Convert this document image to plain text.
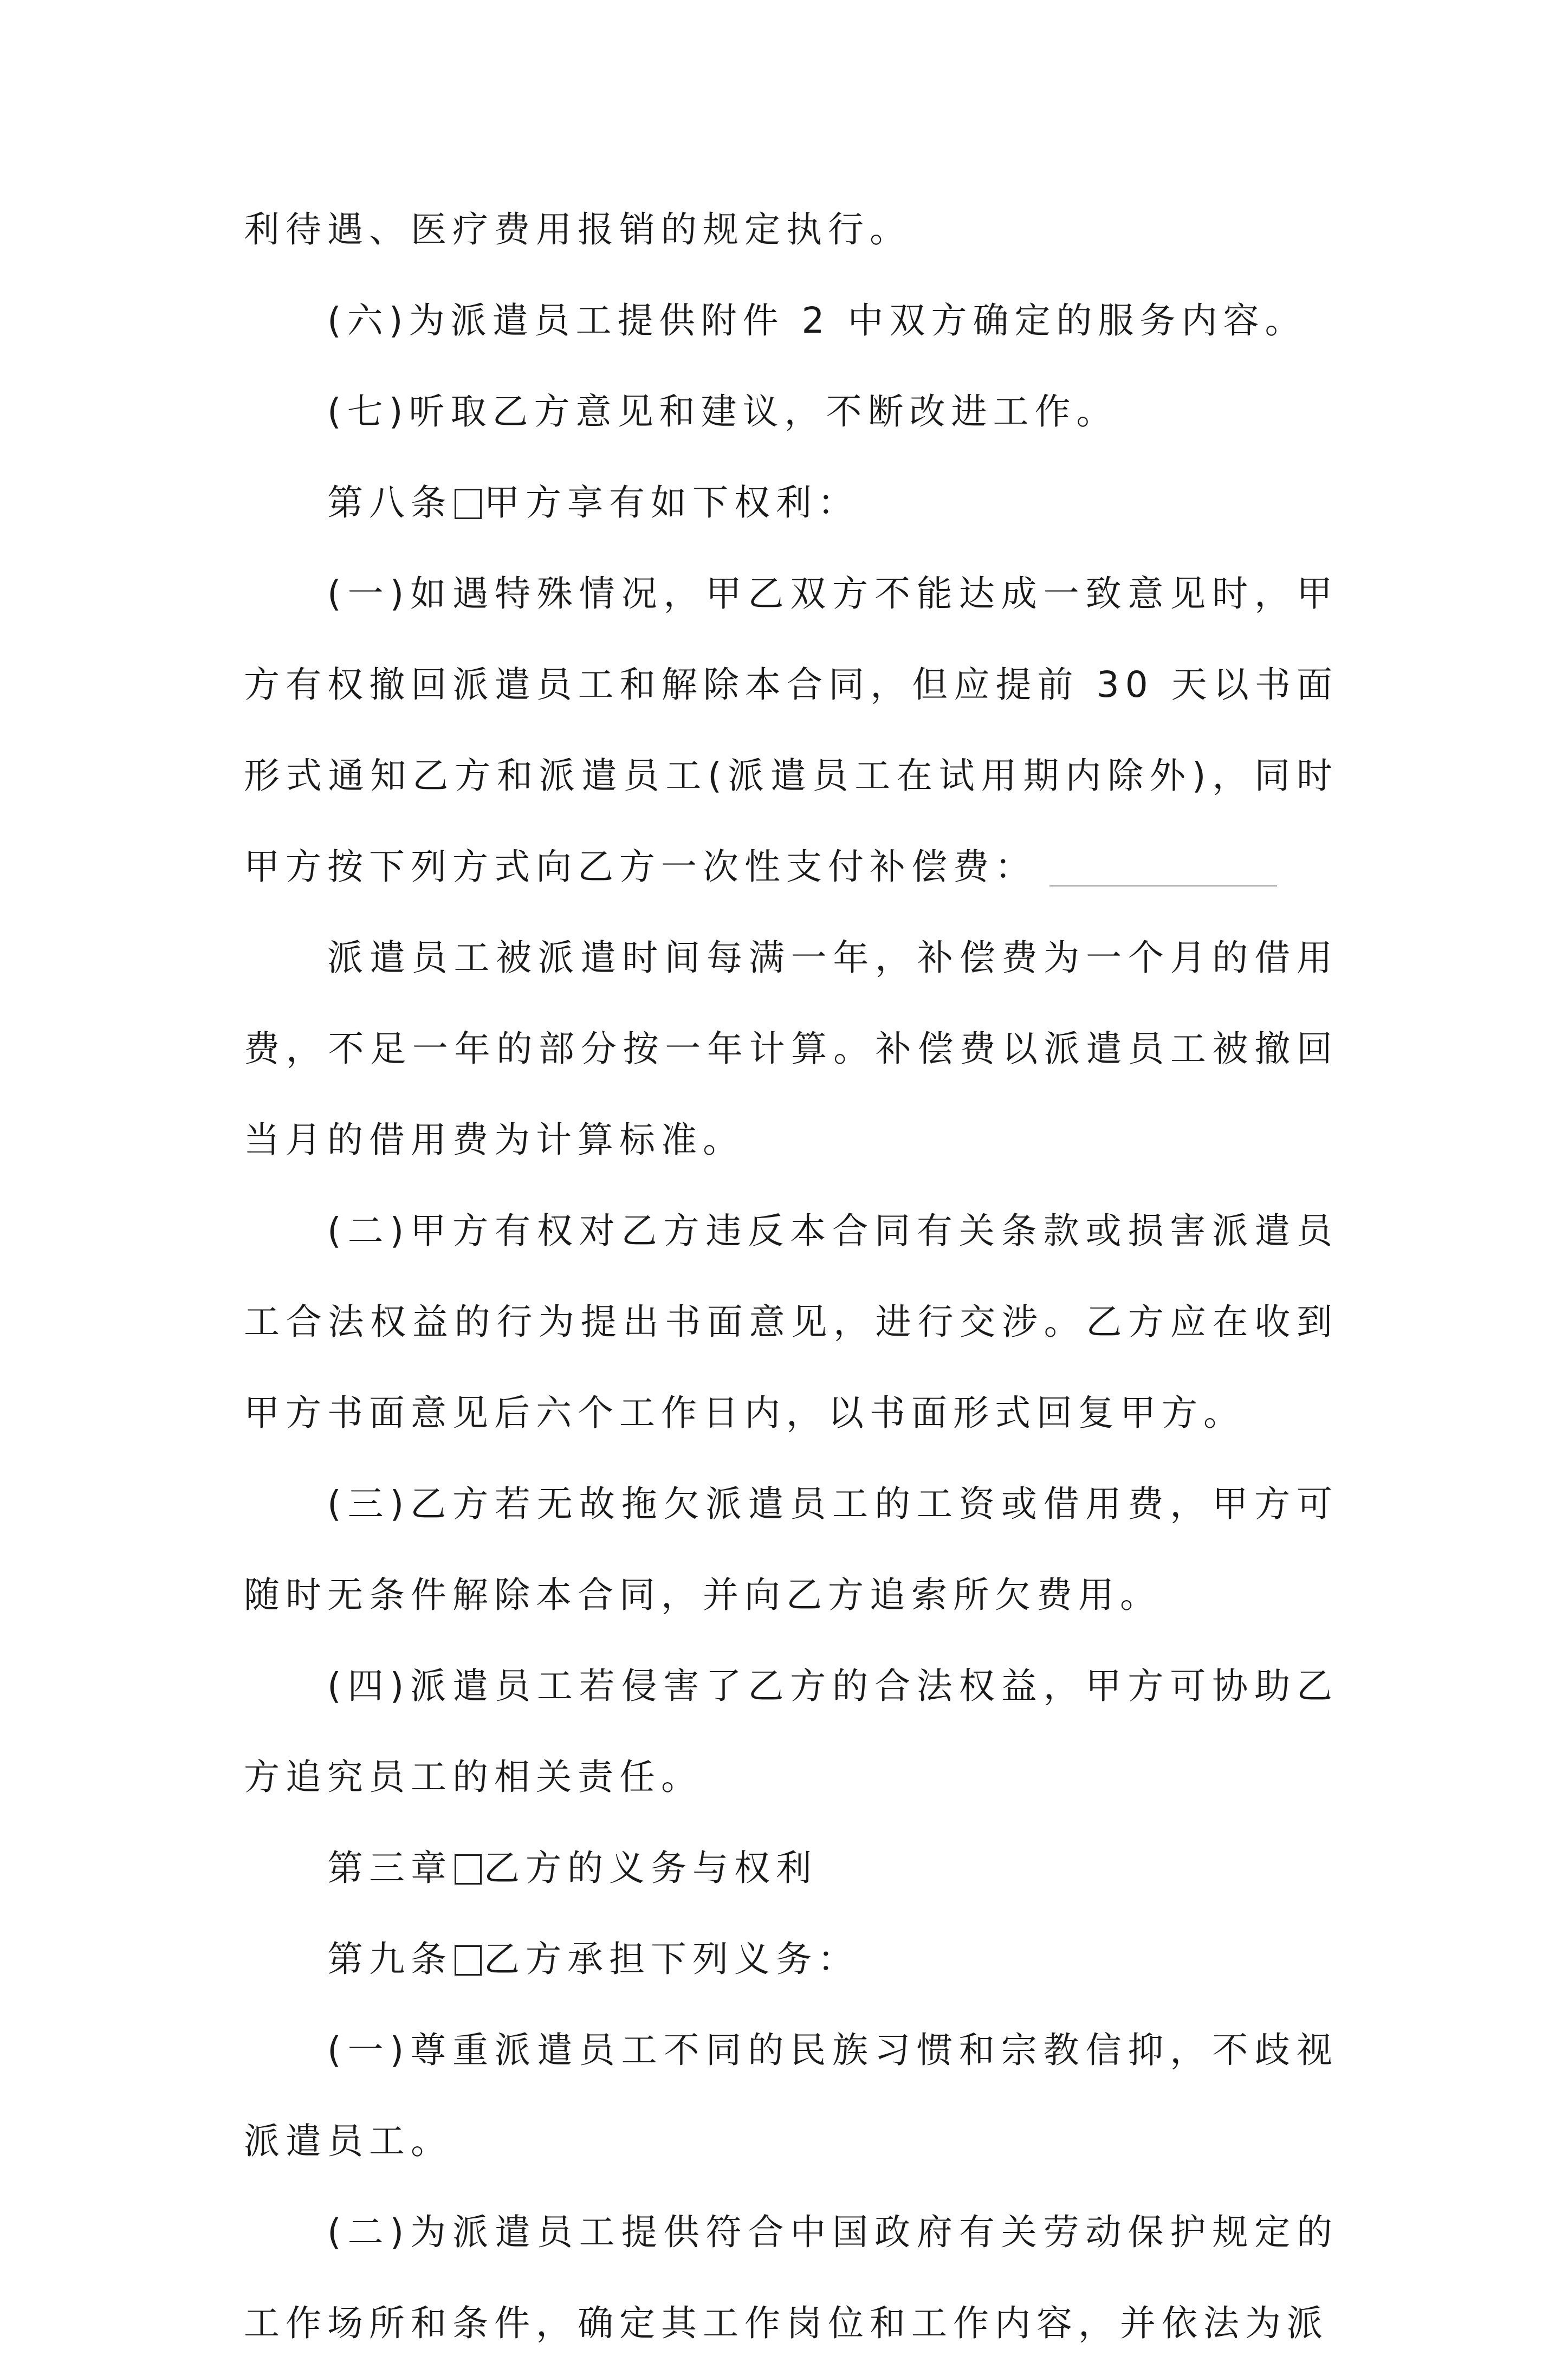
利待遇、医疗费用报销的规定执行。

(六)为派遣员工提供附件 2 中双方确定的服务内容。

(七)听取乙方意见和建议，不断改进工作。

第八条 甲方享有如下权利：

(一)如遇特殊情况，甲乙双方不能达成一致意见时，甲方有权撤回派遣员工和解除本合同，但应提前 30 天以书面形式通知乙方和派遣员工(派遣员工在试用期内除外)，同时甲方按下列方式向乙方一次性支付补偿费：

派遣员工被派遣时间每满一年，补偿费为一个月的借用费，不足一年的部分按一年计算。补偿费以派遣员工被撤回当月的借用费为计算标准。

(二)甲方有权对乙方违反本合同有关条款或损害派遣员工合法权益的行为提出书面意见，进行交涉。乙方应在收到甲方书面意见后六个工作日内，以书面形式回复甲方。

(三)乙方若无故拖欠派遣员工的工资或借用费，甲方可随时无条件解除本合同，并向乙方追索所欠费用。

(四)派遣员工若侵害了乙方的合法权益，甲方可协助乙方追究员工的相关责任。

第三章 乙方的义务与权利

第九条 乙方承担下列义务：

(一)尊重派遣员工不同的民族习惯和宗教信抑，不歧视派遣员工。

(二)为派遣员工提供符合中国政府有关劳动保护规定的工作场所和条件，确定其工作岗位和工作内容，并依法为派
